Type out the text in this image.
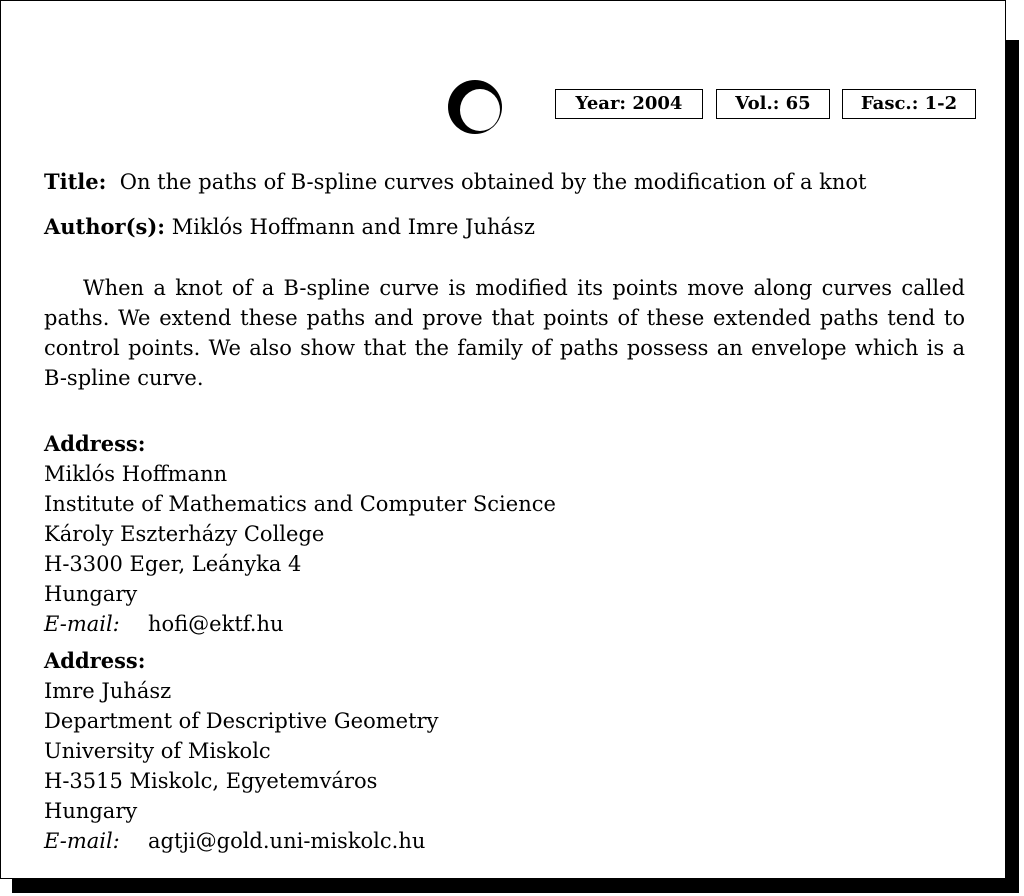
Year: 2004	Vol.: 65	Fasc.: 1-2
Title: On the paths of B-spline curves obtained by the modification of a knot
Author(s): Miklós Hoffmann and Imre Juhász
When a knot of a B-spline curve is modified its points move along curves called paths. We extend these paths and prove that points of these extended paths tend to control points. We also show that the family of paths possess an envelope which is a B-spline curve.
Address:
Miklós Hoffmann
Institute of Mathematics and Computer Science
Károly Eszterházy College
H-3300 Eger, Leányka 4
Hungary
E-mail: hofi@ektf.hu
Address:
Imre Juhász
Department of Descriptive Geometry
University of Miskolc
H-3515 Miskolc, Egyetemváros
Hungary
E-mail: agtji@gold.uni-miskolc.hu
